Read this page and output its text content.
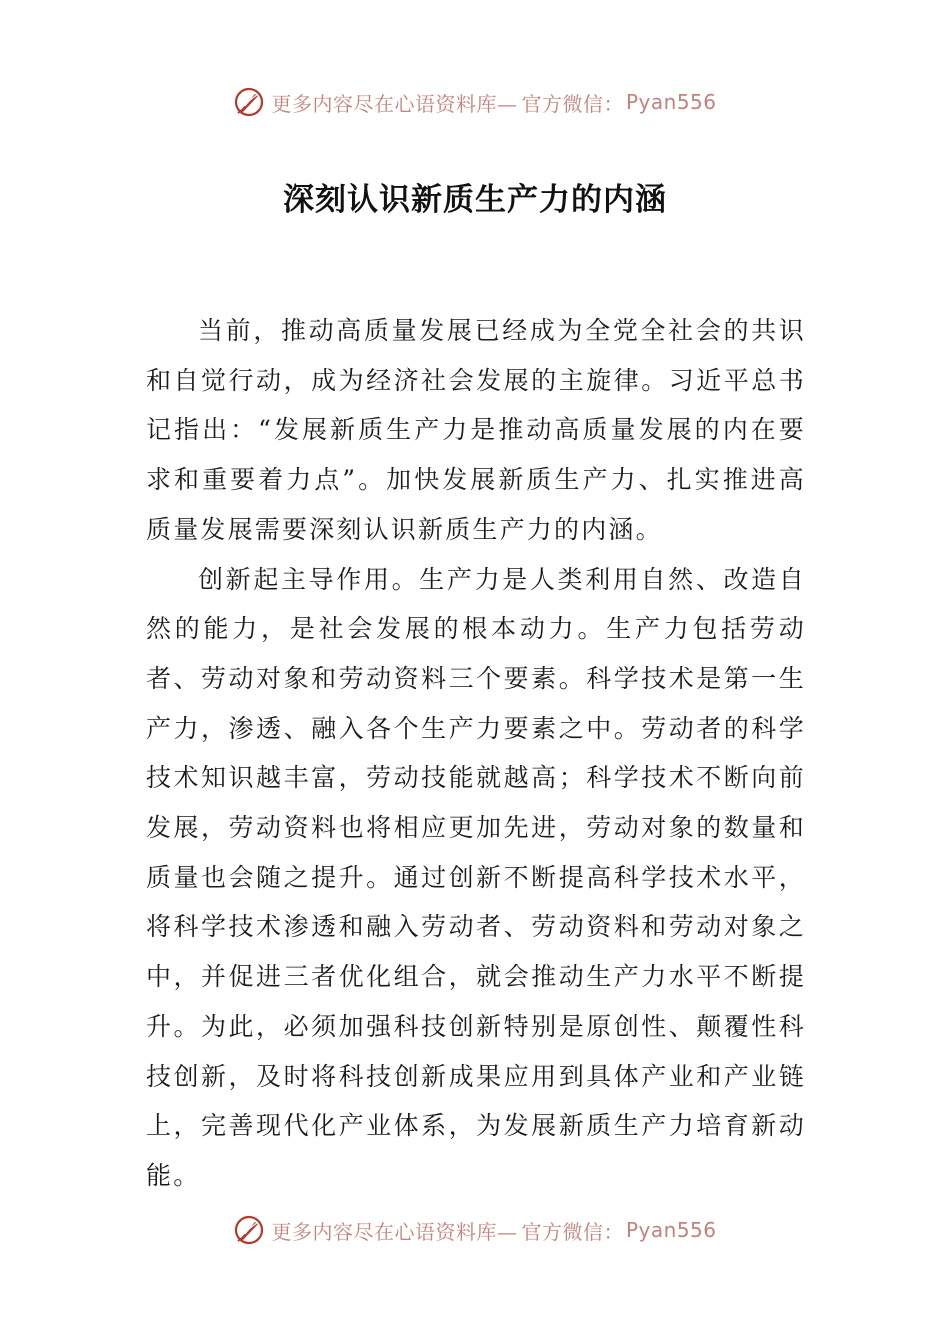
更多内容尽在心语资料库— 官方微信： Pyan556
深刻认识新质生产力的内涵

当前，推动高质量发展已经成为全党全社会的共识和自觉行动，成为经济社会发展的主旋律。习近平总书记指出：“发展新质生产力是推动高质量发展的内在要求和重要着力点”。加快发展新质生产力、扎实推进高质量发展需要深刻认识新质生产力的内涵。

创新起主导作用。生产力是人类利用自然、改造自然的能力，是社会发展的根本动力。生产力包括劳动者、劳动对象和劳动资料三个要素。科学技术是第一生产力，渗透、融入各个生产力要素之中。劳动者的科学技术知识越丰富，劳动技能就越高；科学技术不断向前发展，劳动资料也将相应更加先进，劳动对象的数量和质量也会随之提升。通过创新不断提高科学技术水平，将科学技术渗透和融入劳动者、劳动资料和劳动对象之中，并促进三者优化组合，就会推动生产力水平不断提升。为此，必须加强科技创新特别是原创性、颠覆性科技创新，及时将科技创新成果应用到具体产业和产业链上，完善现代化产业体系，为发展新质生产力培育新动能。

更多内容尽在心语资料库— 官方微信： Pyan556
